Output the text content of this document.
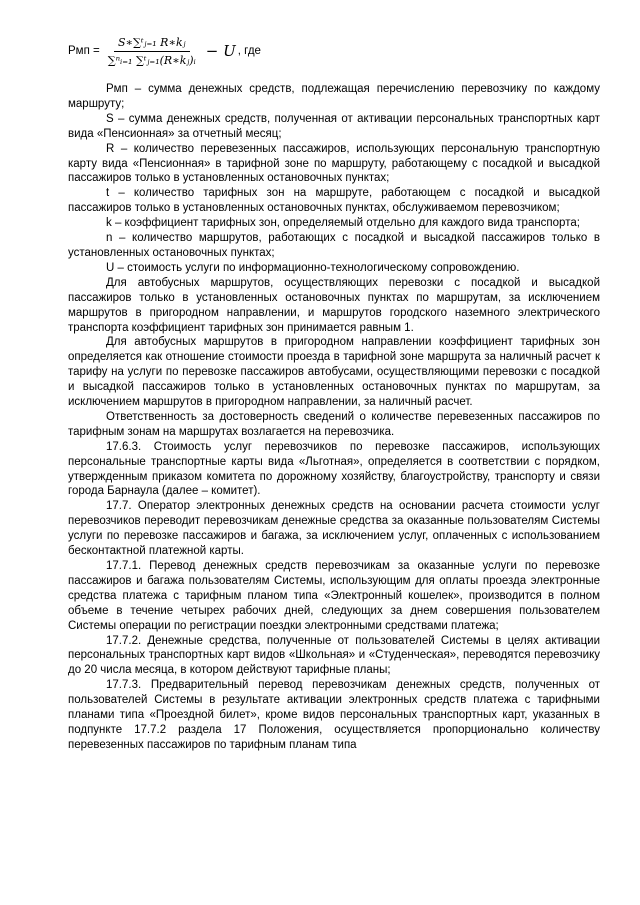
Рмп = $\frac{\text{S∗∑ᵗⱼ₌₁ R∗kⱼ}}{\text{∑ⁿᵢ₌₁ ∑ᵗⱼ₌₁(R∗kⱼ)ᵢ}} - U$ , где

Рмп – сумма денежных средств, подлежащая перечислению перевозчику по каждому маршруту;

S – сумма денежных средств, полученная от активации персональных транспортных карт вида «Пенсионная» за отчетный месяц;

R – количество перевезенных пассажиров, использующих персональную транспортную карту вида «Пенсионная» в тарифной зоне по маршруту, работающему с посадкой и высадкой пассажиров только в установленных остановочных пунктах;

t – количество тарифных зон на маршруте, работающем с посадкой и высадкой пассажиров только в установленных остановочных пунктах, обслуживаемом перевозчиком;

k – коэффициент тарифных зон, определяемый отдельно для каждого вида транспорта;

n – количество маршрутов, работающих с посадкой и высадкой пассажиров только в установленных остановочных пунктах;

U – стоимость услуги по информационно-технологическому сопровождению.

Для автобусных маршрутов, осуществляющих перевозки с посадкой и высадкой пассажиров только в установленных остановочных пунктах по маршрутам, за исключением маршрутов в пригородном направлении, и маршрутов городского наземного электрического транспорта коэффициент тарифных зон принимается равным 1.

Для автобусных маршрутов в пригородном направлении коэффициент тарифных зон определяется как отношение стоимости проезда в тарифной зоне маршрута за наличный расчет к тарифу на услуги по перевозке пассажиров автобусами, осуществляющими перевозки с посадкой и высадкой пассажиров только в установленных остановочных пунктах по маршрутам, за исключением маршрутов в пригородном направлении, за наличный расчет.

Ответственность за достоверность сведений о количестве перевезенных пассажиров по тарифным зонам на маршрутах возлагается на перевозчика.

17.6.3. Стоимость услуг перевозчиков по перевозке пассажиров, использующих персональные транспортные карты вида «Льготная», определяется в соответствии с порядком, утвержденным приказом комитета по дорожному хозяйству, благоустройству, транспорту и связи города Барнаула (далее – комитет).

17.7. Оператор электронных денежных средств на основании расчета стоимости услуг перевозчиков переводит перевозчикам денежные средства за оказанные пользователям Системы услуги по перевозке пассажиров и багажа, за исключением услуг, оплаченных с использованием бесконтактной платежной карты.

17.7.1. Перевод денежных средств перевозчикам за оказанные услуги по перевозке пассажиров и багажа пользователям Системы, использующим для оплаты проезда электронные средства платежа с тарифным планом типа «Электронный кошелек», производится в полном объеме в течение четырех рабочих дней, следующих за днем совершения пользователем Системы операции по регистрации поездки электронными средствами платежа;

17.7.2. Денежные средства, полученные от пользователей Системы в целях активации персональных транспортных карт видов «Школьная» и «Студенческая», переводятся перевозчику до 20 числа месяца, в котором действуют тарифные планы;

17.7.3. Предварительный перевод перевозчикам денежных средств, полученных от пользователей Системы в результате активации электронных средств платежа с тарифными планами типа «Проездной билет», кроме видов персональных транспортных карт, указанных в подпункте 17.7.2 раздела 17 Положения, осуществляется пропорционально количеству перевезенных пассажиров по тарифным планам типа
